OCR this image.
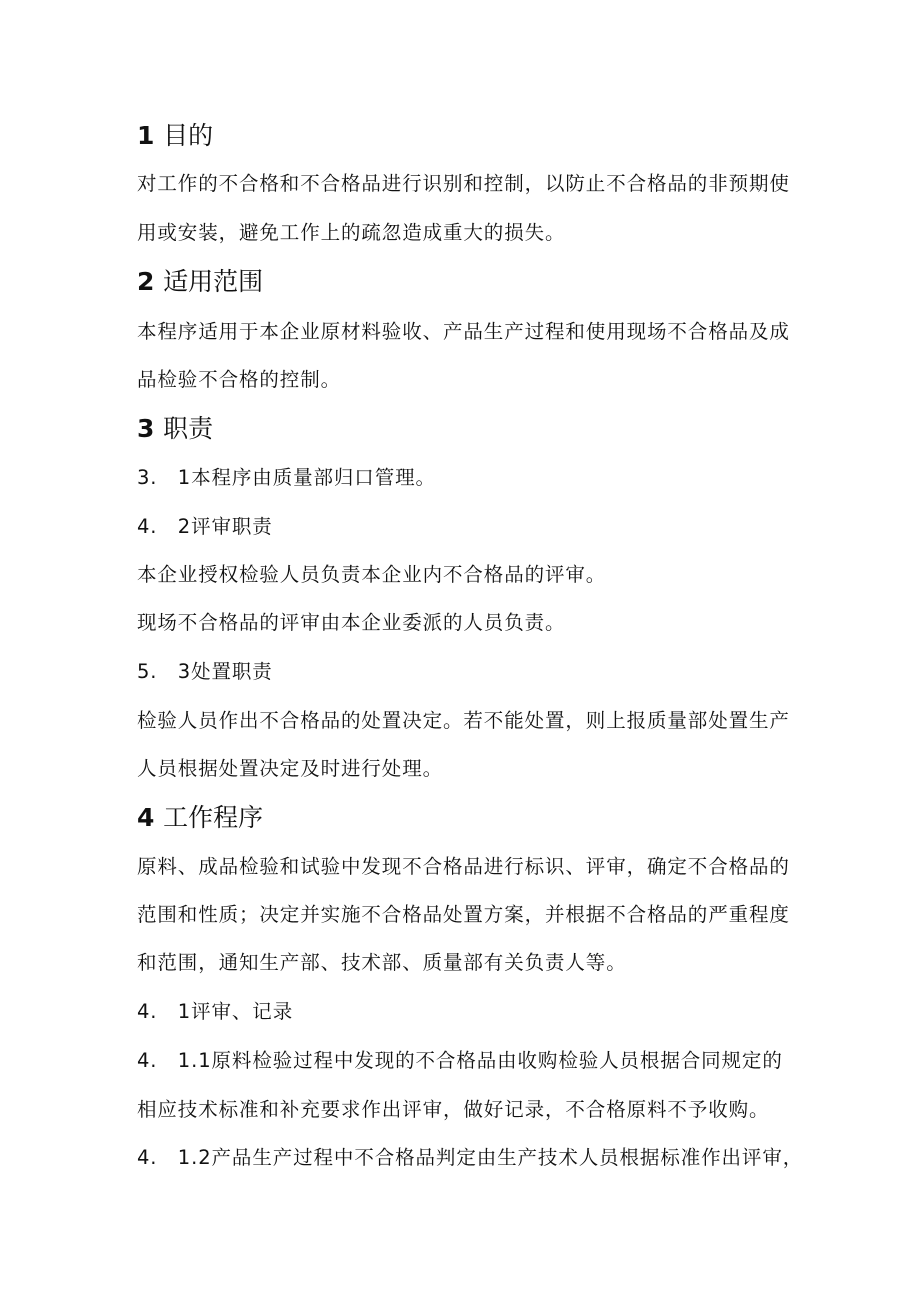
1 目的
对工作的不合格和不合格品进行识别和控制，以防止不合格品的非预期使
用或安装，避免工作上的疏忽造成重大的损失。
2 适用范围
本程序适用于本企业原材料验收、产品生产过程和使用现场不合格品及成
品检验不合格的控制。
3 职责
3.　1本程序由质量部归口管理。
4.　2评审职责
本企业授权检验人员负责本企业内不合格品的评审。
现场不合格品的评审由本企业委派的人员负责。
5.　3处置职责
检验人员作出不合格品的处置决定。若不能处置，则上报质量部处置生产
人员根据处置决定及时进行处理。
4 工作程序
原料、成品检验和试验中发现不合格品进行标识、评审，确定不合格品的
范围和性质；决定并实施不合格品处置方案，并根据不合格品的严重程度
和范围，通知生产部、技术部、质量部有关负责人等。
4.　1评审、记录
4.　1.1原料检验过程中发现的不合格品由收购检验人员根据合同规定的
相应技术标准和补充要求作出评审，做好记录，不合格原料不予收购。
4.　1.2产品生产过程中不合格品判定由生产技术人员根据标准作出评审，
